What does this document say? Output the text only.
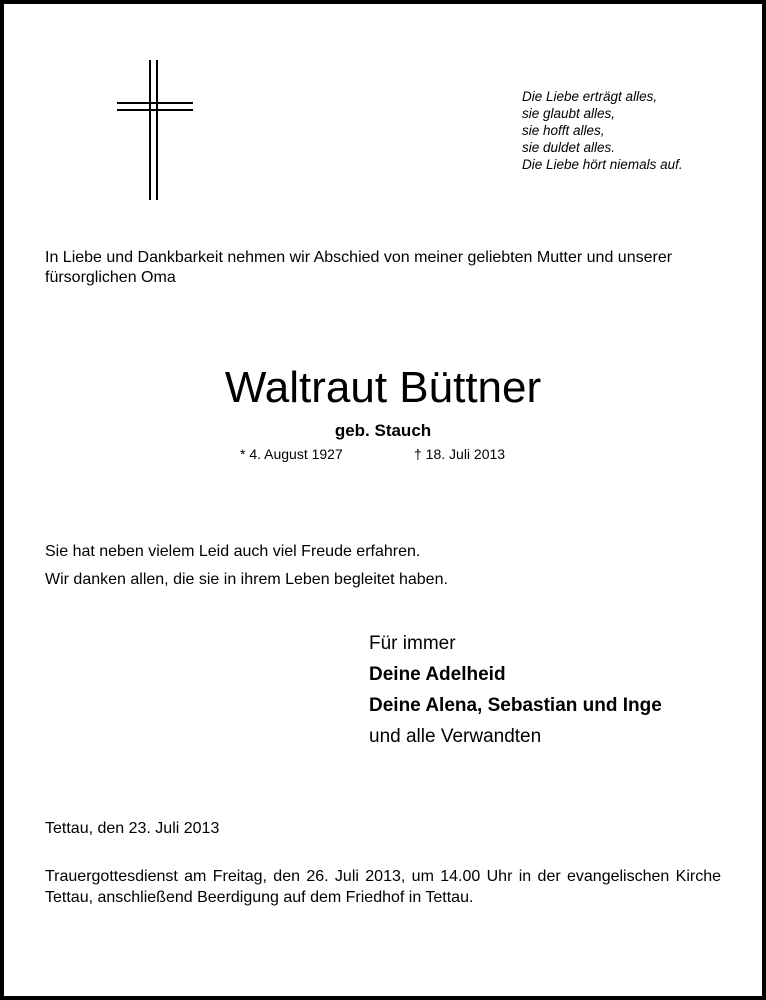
Die Liebe erträgt alles,
sie glaubt alles,
sie hofft alles,
sie duldet alles.
Die Liebe hört niemals auf.
In Liebe und Dankbarkeit nehmen wir Abschied von meiner geliebten Mutter und unserer fürsorglichen Oma
Waltraut Büttner
geb. Stauch
* 4. August 1927	† 18. Juli 2013
Sie hat neben vielem Leid auch viel Freude erfahren.
Wir danken allen, die sie in ihrem Leben begleitet haben.
Für immer
Deine Adelheid
Deine Alena, Sebastian und Inge
und alle Verwandten
Tettau, den 23. Juli 2013
Trauergottesdienst am Freitag, den 26. Juli 2013, um 14.00 Uhr in der evangelischen Kirche Tettau, anschließend Beerdigung auf dem Friedhof in Tettau.
